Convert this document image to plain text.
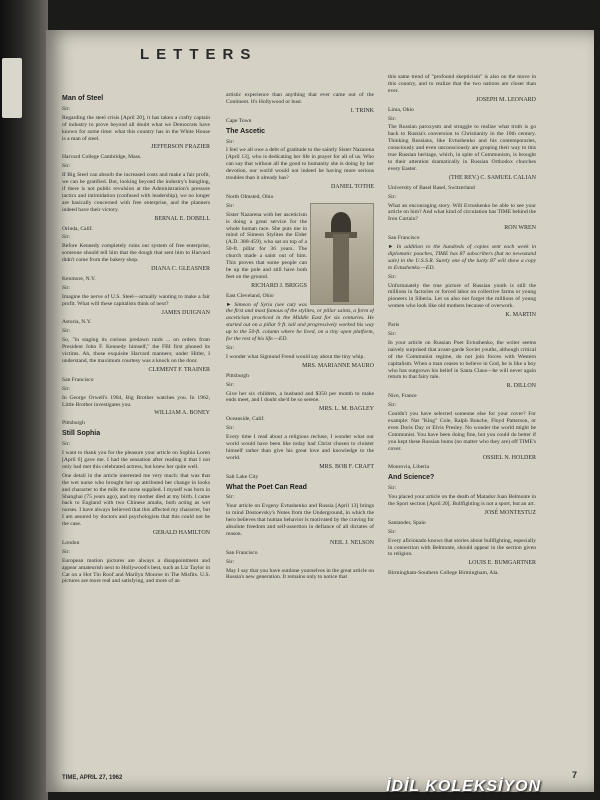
LETTERS
Man of Steel

Sir:

Regarding the steel crisis [April 20], it has taken a crafty captain of industry to prove beyond all doubt what we Democrats have known for some time: what this country has in the White House is a man of steel.

JEFFERSON FRAZIER

Harvard College Cambridge, Mass.

Sir:

If Big Steel can absorb the increased costs and make a fair profit, we can be gratified. But, looking beyond the industry's bungling, if there is not public revulsion at the Administration's pressure tactics and intimidation (confused with leadership), we no longer are basically concerned with free enterprise, and the planners indeed have their victory.

BERNAL E. DOBELL

Orinda, Calif.

Sir:

Before Kennedy completely ruins our system of free enterprise, someone should tell him that the dough that sent him to Harvard didn't come from the bakery shop.

DIANA C. GLEASNER

Kenmore, N.Y.

Sir:

Imagine the nerve of U.S. Steel—actually wanting to make a fair profit. What will these capitalists think of next?

JAMES DUIGNAN

Astoria, N.Y.

Sir:

So, "in staging its curious predawn raids ... on orders from President John F. Kennedy himself," the FBI first phoned its victims. Ah, those exquisite Harvard manners; under Hitler, I understand, the maximum courtesy was a knock on the door.

CLEMENT F. TRAINER

San Francisco

Sir:

In George Orwell's 1984, Big Brother watches you. In 1962, Little Brother investigates you.

WILLIAM A. BONEY

Pittsburgh

Still Sophia

Sir:

I want to thank you for the pleasure your article on Sophia Loren [April 6] gave me. I had the sensation after reading it that I not only had met this celebrated actress, but knew her quite well.

One detail in the article interested me very much: that was that the wet nurse who brought her up attributed her change in looks and character to the milk the nurse supplied. I myself was born in Shanghai (75 years ago), and my mother died at my birth. I came back to England with two Chinese amahs, both acting as wet nurses. I have always believed that this affected my character, but I am assured by doctors and psychologists that this could not be the case.

GERALD HAMILTON

London

Sir:

European motion pictures are always a disappointment and appear amateurish next to Hollywood's best, such as Liz Taylor in Cat on a Hot Tin Roof and Marilyn Monroe in The Misfits. U.S. pictures are more real and satisfying, and more of an

artistic experience than anything that ever came out of the Continent. It's Hollywood or bust.

I. TRINK

Cape Town

The Ascetic

Sir:

I feel we all owe a debt of gratitude to the saintly Sister Nazarena [April 13], who is dedicating her life in prayer for all of us. Who can say that without all the good to humanity she is doing by her devotion, our world would not indeed be having more serious troubles than it already has?

DANIEL TOTHE

North Olmsted, Ohio

Sir:

Sister Nazarena with her asceticism is doing a great service for the whole human race. She puts me in mind of Simeon Stylites the Elder (A.D. 388-459), who sat on top of a 50-ft. pillar for 36 years. The church made a saint out of him. This proves that some people can be up the pole and still have both feet on the ground.

RICHARD J. BRIGGS

East Cleveland, Ohio

► Simeon of Syria (see cut) was the first and most famous of the stylites, or pillar saints, a form of asceticism practiced in the Middle East for six centuries. He started out on a pillar 9 ft. tall and progressively worked his way up to the 50-ft. column where he lived, on a tiny open platform, for the rest of his life.—ED.

Sir:

I wonder what Sigmund Freud would say about the tiny whip.

MRS. MARIANNE MAURO

Pittsburgh

Sir:

Give her six children, a husband and $350 per month to make ends meet, and I doubt she'd be so serene.

MRS. L. M. BAGLEY

Oceanside, Calif.

Sir:

Every time I read about a religious recluse, I wonder what our world would have been like today had Christ chosen to cloister himself rather than give his great love and knowledge to the world.

MRS. BOB F. CRAFT

Salt Lake City

What the Poet Can Read

Sir:

Your article on Evgeny Evtushenko and Russia [April 13] brings to mind Dostoevsky's Notes from the Underground, in which the hero believes that human behavior is motivated by the craving for absolute freedom and self-assertion in defiance of all dictates of reason.

NEIL J. NELSON

San Francisco

Sir:

May I say that you have outdone yourselves in the great article on Russia's new generation. It remains only to notice that

this same trend of "profound skepticism" is also on the move in this country, and to realize that the two nations are closer than ever.

JOSEPH M. LEONARD

Lima, Ohio

Sir:

The Russian paroxysm and struggle to realize what truth is go back to Russia's conversion to Christianity in the 10th century. Thinking Russians, like Evtushenko and his contemporaries, consciously and even unconsciously are groping their way to this true Russian heritage, which, in spite of Communism, is brought to their attention dramatically in Russian Orthodox churches every Easter.

(THE REV.) C. SAMUEL CALIAN

University of Basel Basel, Switzerland

Sir:

What an encouraging story. Will Evtushenko be able to see your article on him? And what kind of circulation has TIME behind the Iron Curtain?

RON WREN

San Francisco

► In addition to the hundreds of copies sent each week in diplomatic pouches, TIME has 87 subscribers (but no newsstand sale) in the U.S.S.R. Surely one of the lucky 87 will show a copy to Evtushenko.—ED.

Sir:

Unfortunately the true picture of Russian youth is still the millions in factories or forced labor on collective farms or young pioneers in Siberia. Let us also not forget the millions of young women who look like old mothers because of overwork.

K. MARTIN

Paris

Sir:

In your article on Russian Poet Evtushenko, the writer seems naively surprised that avant-garde Soviet youths, although critical of the Communist regime, do not join forces with Western capitalism. When a man ceases to believe in God, he is like a boy who has outgrown his belief in Santa Claus—he will never again return to that fairy tale.

R. DILLON

Nice, France

Sir:

Couldn't you have selected someone else for your cover? For example: Nat "King" Cole, Ralph Bunche, Floyd Patterson, or even Doris Day or Elvis Presley. No wonder the world might be Communist. You have been doing fine, but you could do better if you kept these Russian bums (no matter who they are) off TIME's cover.

OSSIEL N. HOLDER

Monrovia, Liberia

And Science?

Sir:

You placed your article on the death of Matador Juan Belmonte in the Sport section [April 20]. Bullfighting is not a sport, but an art.

JOSÉ MONTESTUZ

Santander, Spain

Sir:

Every aficionado knows that stories about bullfighting, especially in connection with Belmonte, should appear in the section given to religion.

LOUIS E. BUMGARTNER

Birmingham-Southern College Birmingham, Ala.

TIME, APRIL 27, 1962	7
İDİL KOLEKSİYON
